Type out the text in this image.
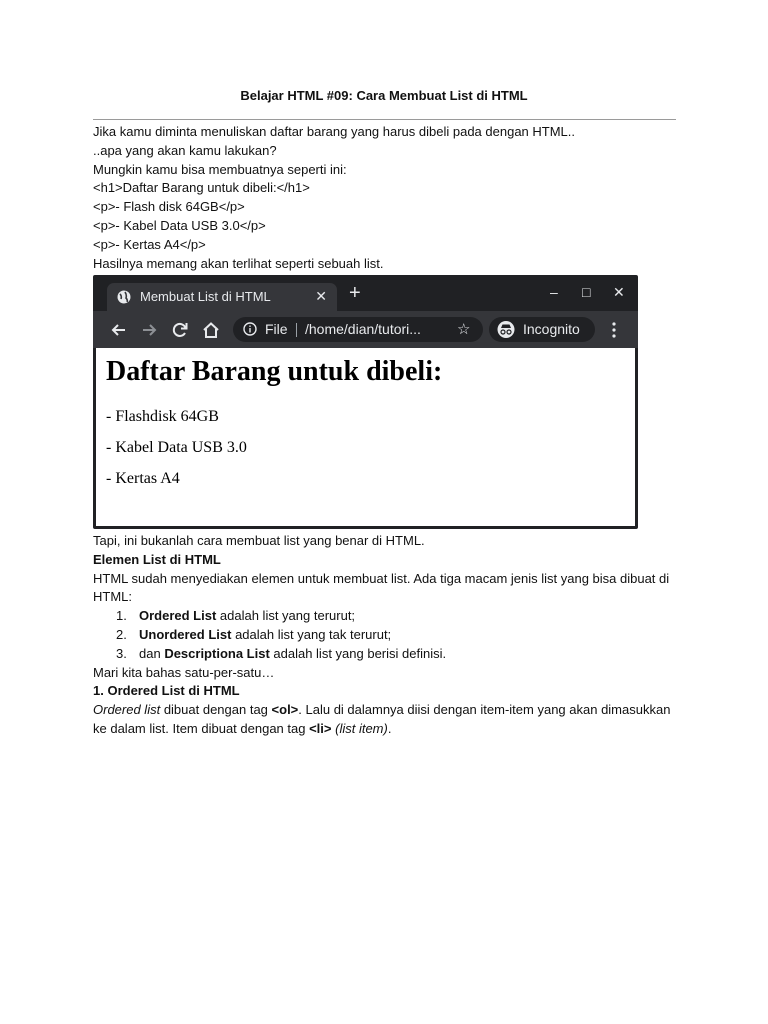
Belajar HTML #09: Cara Membuat List di HTML
Jika kamu diminta menuliskan daftar barang yang harus dibeli pada dengan HTML..
..apa yang akan kamu lakukan?
Mungkin kamu bisa membuatnya seperti ini:
<h1>Daftar Barang untuk dibeli:</h1>
<p>- Flash disk 64GB</p>
<p>- Kabel Data USB 3.0</p>
<p>- Kertas A4</p>
Hasilnya memang akan terlihat seperti sebuah list.
Membuat List di HTML	✕ +	– □ ✕
File /home/dian/tutori... ☆	Incognito
Daftar Barang untuk dibeli:
- Flashdisk 64GB
- Kabel Data USB 3.0
- Kertas A4
Tapi, ini bukanlah cara membuat list yang benar di HTML.
Elemen List di HTML
HTML sudah menyediakan elemen untuk membuat list. Ada tiga macam jenis list yang bisa dibuat di HTML:
1. Ordered List adalah list yang terurut;
2. Unordered List adalah list yang tak terurut;
3. dan Descriptiona List adalah list yang berisi definisi.
Mari kita bahas satu-per-satu…
1. Ordered List di HTML
Ordered list dibuat dengan tag <ol>. Lalu di dalamnya diisi dengan item-item yang akan dimasukkan
ke dalam list. Item dibuat dengan tag <li> (list item).
